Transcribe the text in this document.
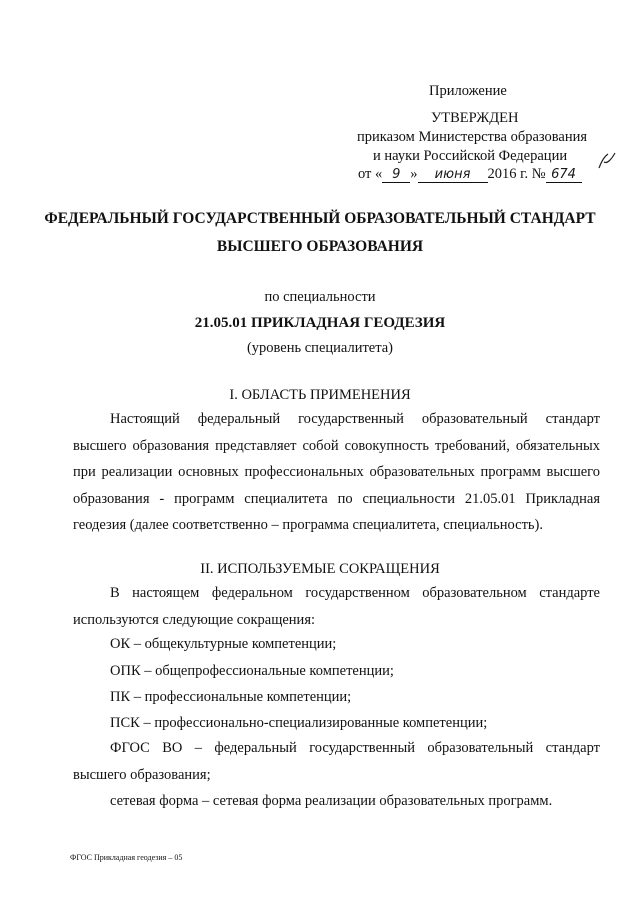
Приложение
УТВЕРЖДЕН
приказом Министерства образования
и науки Российской Федерации
от « 9 » июня 2016 г. № 674
ФЕДЕРАЛЬНЫЙ ГОСУДАРСТВЕННЫЙ ОБРАЗОВАТЕЛЬНЫЙ СТАНДАРТ
ВЫСШЕГО ОБРАЗОВАНИЯ
по специальности
21.05.01 ПРИКЛАДНАЯ ГЕОДЕЗИЯ
(уровень специалитета)
I. ОБЛАСТЬ ПРИМЕНЕНИЯ
Настоящий федеральный государственный образовательный стандарт
высшего образования представляет собой совокупность требований, обязательных
при реализации основных профессиональных образовательных программ высшего
образования - программ специалитета по специальности 21.05.01 Прикладная
геодезия (далее соответственно – программа специалитета, специальность).
II. ИСПОЛЬЗУЕМЫЕ СОКРАЩЕНИЯ
В настоящем федеральном государственном образовательном стандарте
используются следующие сокращения:
ОК – общекультурные компетенции;
ОПК – общепрофессиональные компетенции;
ПК – профессиональные компетенции;
ПСК – профессионально-специализированные компетенции;
ФГОС ВО – федеральный государственный образовательный стандарт
высшего образования;
сетевая форма – сетевая форма реализации образовательных программ.
ФГОС Прикладная геодезия – 05
